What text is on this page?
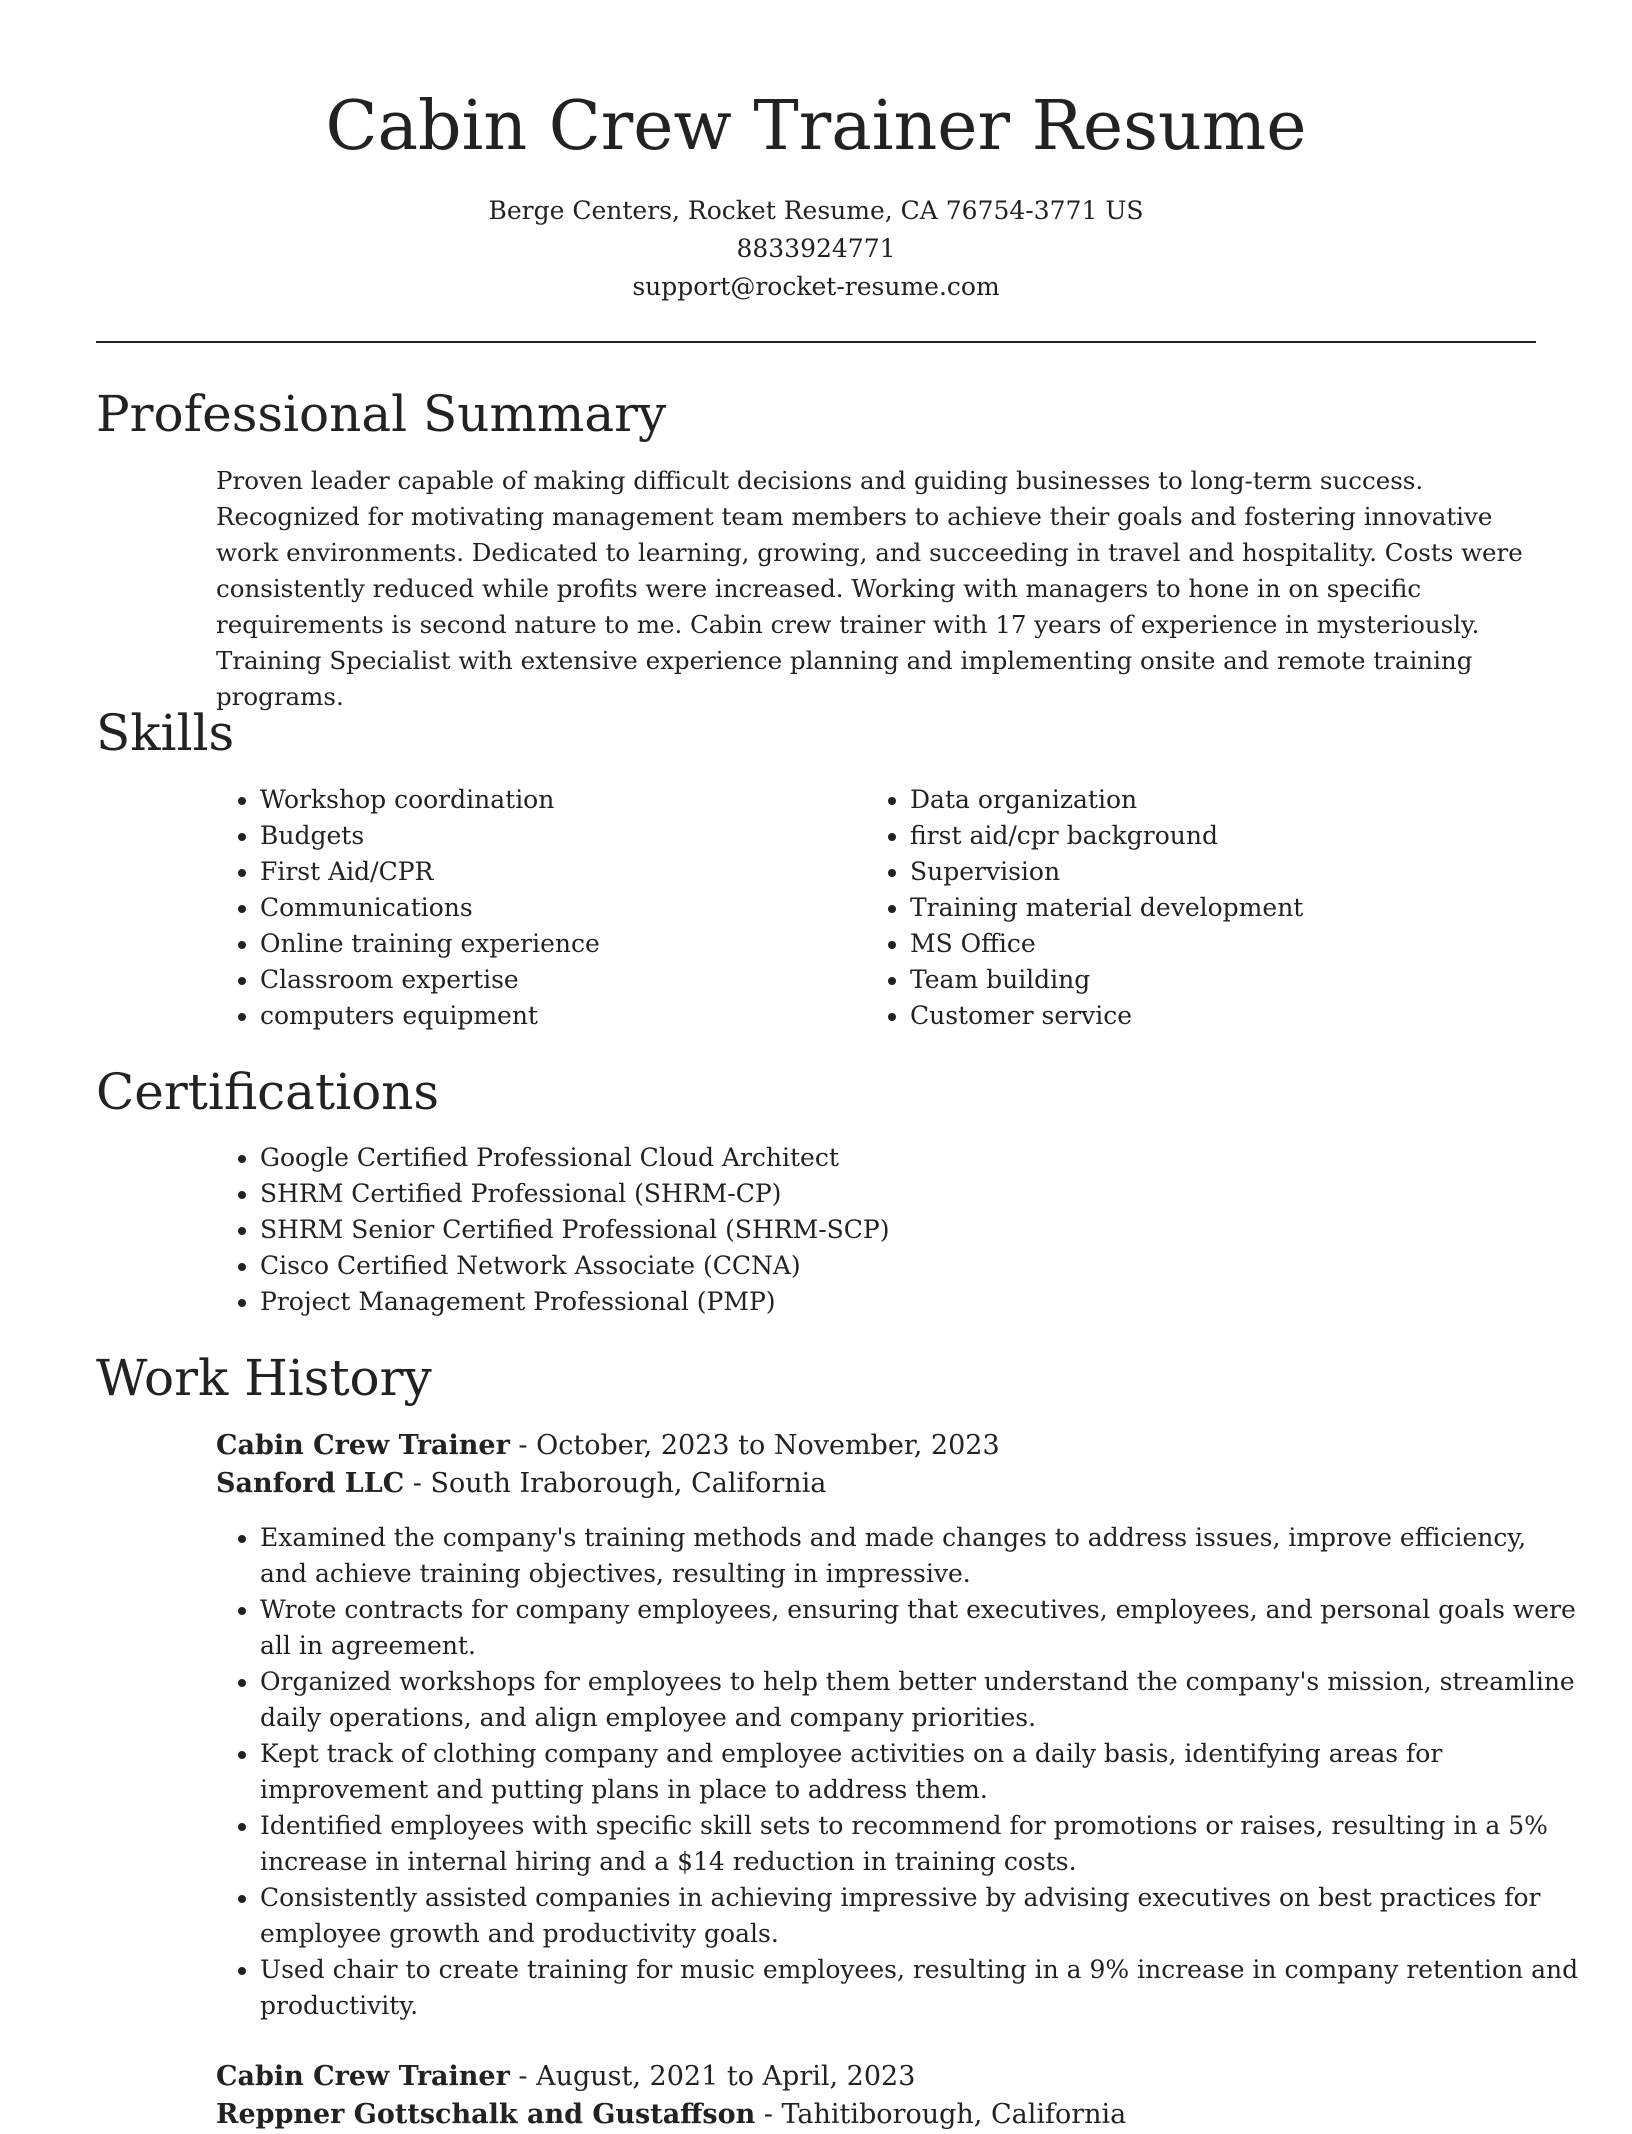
Cabin Crew Trainer Resume
Berge Centers, Rocket Resume, CA 76754-3771 US
8833924771
support@rocket-resume.com
Professional Summary

Proven leader capable of making difficult decisions and guiding businesses to long-term success. Recognized for motivating management team members to achieve their goals and fostering innovative work environments. Dedicated to learning, growing, and succeeding in travel and hospitality. Costs were consistently reduced while profits were increased. Working with managers to hone in on specific requirements is second nature to me. Cabin crew trainer with 17 years of experience in mysteriously. Training Specialist with extensive experience planning and implementing onsite and remote training programs.

Skills
• Workshop coordination
• Budgets
• First Aid/CPR
• Communications
• Online training experience
• Classroom expertise
• computers equipment
• Data organization
• first aid/cpr background
• Supervision
• Training material development
• MS Office
• Team building
• Customer service
Certifications
• Google Certified Professional Cloud Architect
• SHRM Certified Professional (SHRM-CP)
• SHRM Senior Certified Professional (SHRM-SCP)
• Cisco Certified Network Associate (CCNA)
• Project Management Professional (PMP)
Work History
Cabin Crew Trainer - October, 2023 to November, 2023
Sanford LLC - South Iraborough, California
• Examined the company's training methods and made changes to address issues, improve efficiency, and achieve training objectives, resulting in impressive.
• Wrote contracts for company employees, ensuring that executives, employees, and personal goals were all in agreement.
• Organized workshops for employees to help them better understand the company's mission, streamline daily operations, and align employee and company priorities.
• Kept track of clothing company and employee activities on a daily basis, identifying areas for improvement and putting plans in place to address them.
• Identified employees with specific skill sets to recommend for promotions or raises, resulting in a 5% increase in internal hiring and a $14 reduction in training costs.
• Consistently assisted companies in achieving impressive by advising executives on best practices for employee growth and productivity goals.
• Used chair to create training for music employees, resulting in a 9% increase in company retention and productivity.
Cabin Crew Trainer - August, 2021 to April, 2023
Reppner Gottschalk and Gustaffson - Tahitiborough, California
